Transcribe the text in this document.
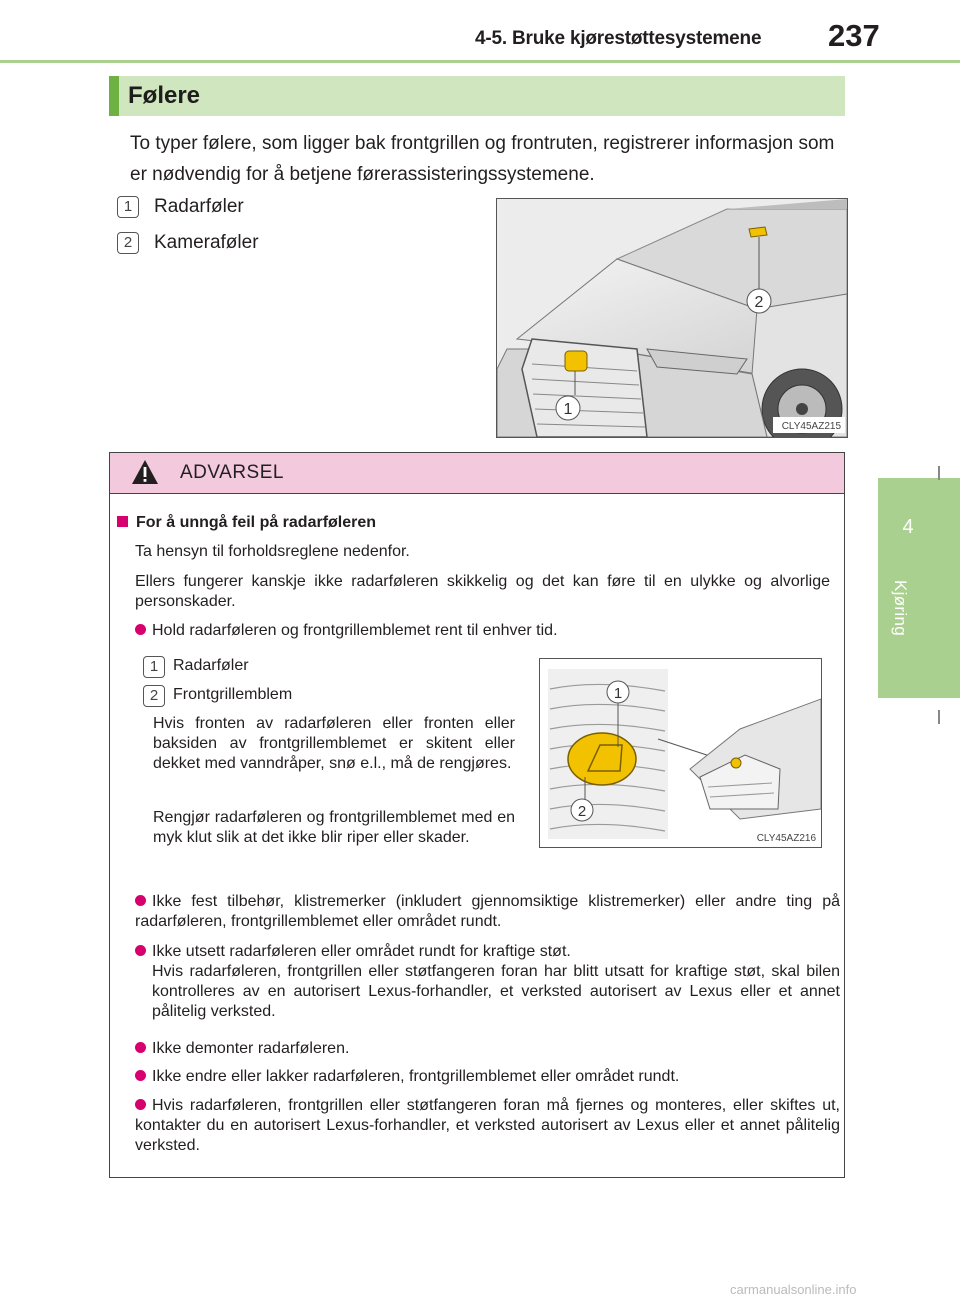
4-5. Bruke kjørestøttesystemene 237
4
Kjøring
Følere
To typer følere, som ligger bak frontgrillen og frontruten, registrerer informasjon som er nødvendig for å betjene førerassisteringssystemene.
1	Radarføler
2	Kameraføler
1
2
CLY45AZ215
ADVARSEL
For å unngå feil på radarføleren
Ta hensyn til forholdsreglene nedenfor.
Ellers fungerer kanskje ikke radarføleren skikkelig og det kan føre til en ulykke og alvorlige personskader.
Hold radarføleren og frontgrillemblemet rent til enhver tid.
1 Radarføler
2 Frontgrillemblem
Hvis fronten av radarføleren eller fronten eller baksiden av frontgrillemblemet er skitent eller dekket med vanndråper, snø e.l., må de rengjøres.
Rengjør radarføleren og frontgrillemblemet med en myk klut slik at det ikke blir riper eller skader.
1
2
CLY45AZ216
Ikke fest tilbehør, klistremerker (inkludert gjennomsiktige klistremerker) eller andre ting på radarføleren, frontgrillemblemet eller området rundt.
Ikke utsett radarføleren eller området rundt for kraftige støt.
Hvis radarføleren, frontgrillen eller støtfangeren foran har blitt utsatt for kraftige støt, skal bilen kontrolleres av en autorisert Lexus-forhandler, et verksted autorisert av Lexus eller et annet pålitelig verksted.
Ikke demonter radarføleren.
Ikke endre eller lakker radarføleren, frontgrillemblemet eller området rundt.
Hvis radarføleren, frontgrillen eller støtfangeren foran må fjernes og monteres, eller skiftes ut, kontakter du en autorisert Lexus-forhandler, et verksted autorisert av Lexus eller et annet pålitelig verksted.
carmanualsonline.info
